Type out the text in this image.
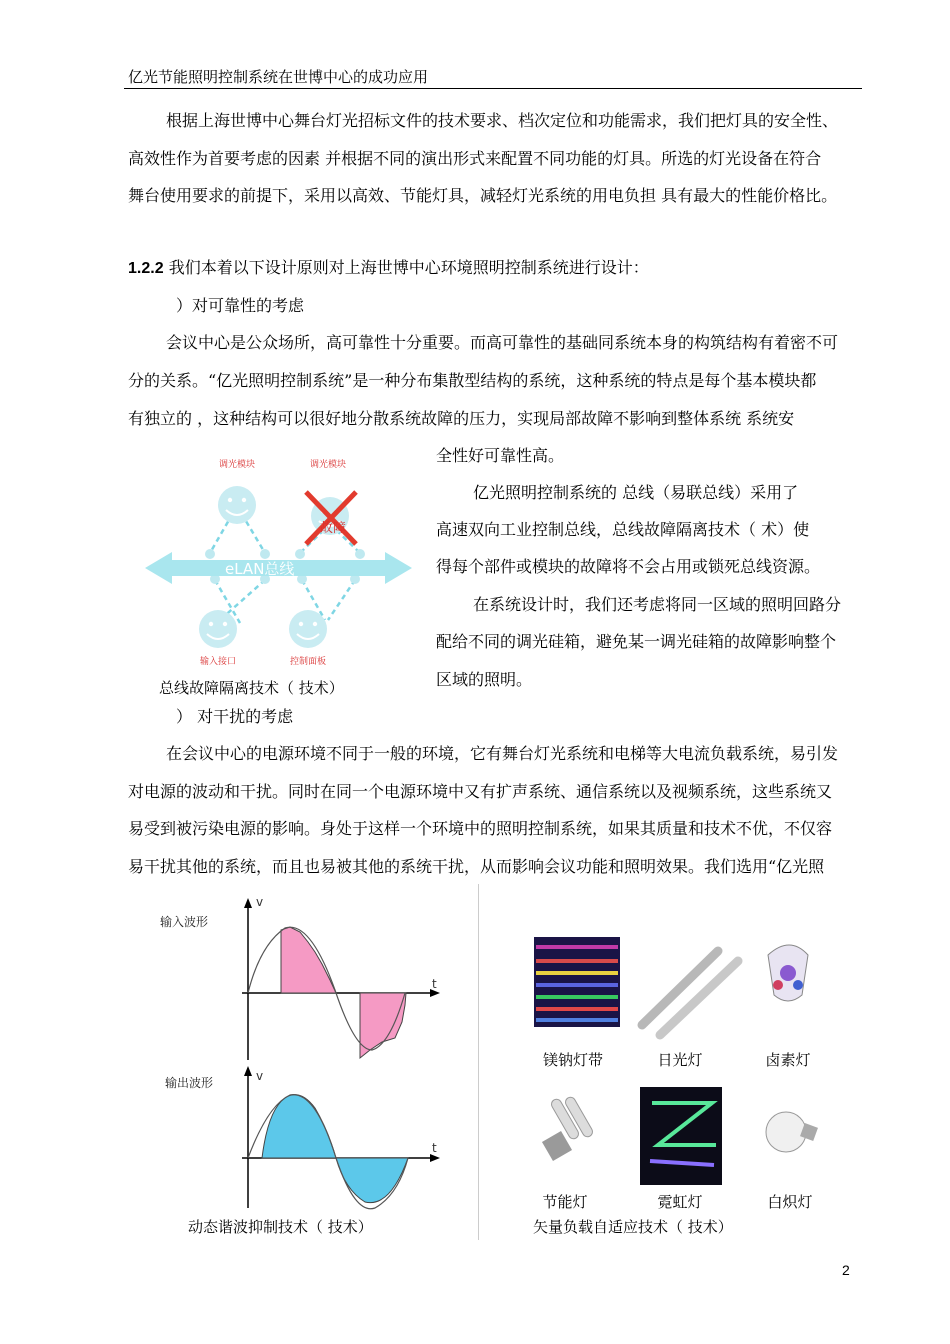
亿光节能照明控制系统在世博中心的成功应用
根据上海世博中心舞台灯光招标文件的技术要求、档次定位和功能需求，我们把灯具的安全性、
高效性作为首要考虑的因素 并根据不同的演出形式来配置不同功能的灯具。所选的灯光设备在符合
舞台使用要求的前提下，采用以高效、节能灯具，减轻灯光系统的用电负担 具有最大的性能价格比。
1.2.2 我们本着以下设计原则对上海世博中心环境照明控制系统进行设计：
）对可靠性的考虑
会议中心是公众场所，高可靠性十分重要。而高可靠性的基础同系统本身的构筑结构有着密不可
分的关系。“亿光照明控制系统”是一种分布集散型结构的系统，这种系统的特点是每个基本模块都
有独立的 ，这种结构可以很好地分散系统故障的压力，实现局部故障不影响到整体系统 系统安
全性好可靠性高。
亿光照明控制系统的 总线（易联总线）采用了
高速双向工业控制总线，总线故障隔离技术（ 术）使
得每个部件或模块的故障将不会占用或锁死总线资源。
在系统设计时，我们还考虑将同一区域的照明回路分
配给不同的调光硅箱，避免某一调光硅箱的故障影响整个
区域的照明。
调光模块	调光模块
eLAN总线
故障
输入接口	控制面板
总线故障隔离技术（ 技术）
） 对干扰的考虑
在会议中心的电源环境不同于一般的环境，它有舞台灯光系统和电梯等大电流负载系统，易引发
对电源的波动和干扰。同时在同一个电源环境中又有扩声系统、通信系统以及视频系统，这些系统又
易受到被污染电源的影响。身处于这样一个环境中的照明控制系统，如果其质量和技术不优，不仅容
易干扰其他的系统，而且也易被其他的系统干扰，从而影响会议功能和照明效果。我们选用“亿光照
输入波形
v
t
输出波形	v
t
动态谐波抑制技术（ 技术）
镁钠灯带	日光灯	卤素灯
节能灯	霓虹灯	白炽灯
矢量负载自适应技术（ 技术）
2
